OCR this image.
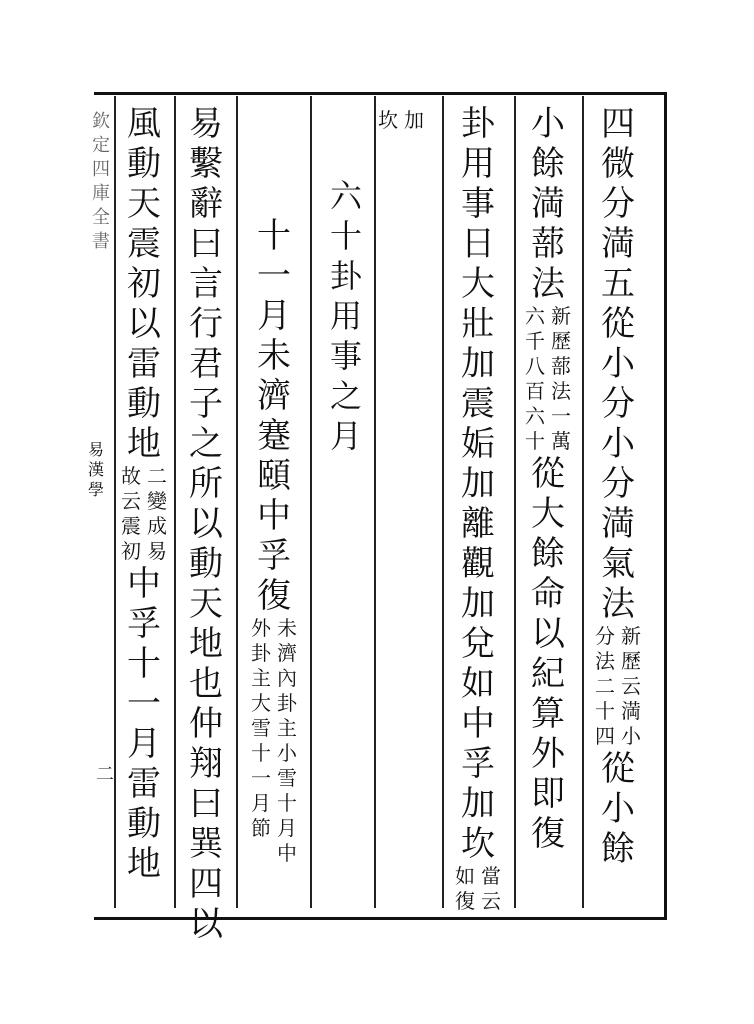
欽定四庫全書
易
漢
學
二
四
微
分
満
五
從
小
分
小
分
満
氣
法
新
歷
云
満
小
分
法
二
十
四
從
小
餘
小
餘
満
蔀
法
新
歷
蔀
法
一
萬
六
千
八
百
六
十
從
大
餘
命
以
紀
算
外
即
復
卦
用
事
日
大
壯
加
震
姤
加
離
觀
加
兌
如
中
孚
加
坎
當
云
如
復
加
坎
六
十
卦
用
事
之
月
十
一
月
未
濟
蹇
頤
中
孚
復
未
濟
內
卦
主
小
雪
十
月
中
外
卦
主
大
雪
十
一
月
節
易
繫
辭
曰
言
行
君
子
之
所
以
動
天
地
也
仲
翔
曰
巽
四
以
風
動
天
震
初
以
雷
動
地
二
變
成
易
故
云
震
初
中
孚
十
一
月
雷
動
地
